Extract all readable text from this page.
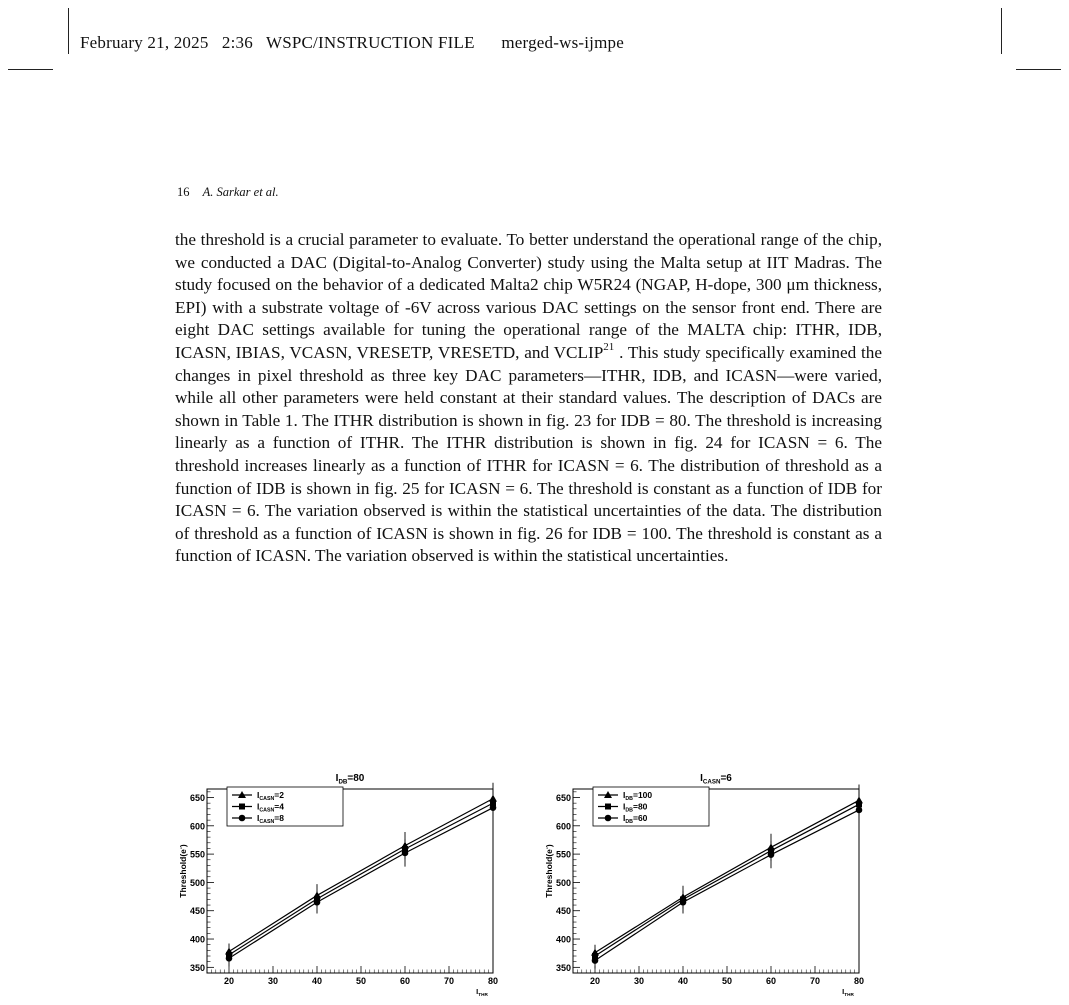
February 21, 2025 2:36 WSPC/INSTRUCTION FILE merged-ws-ijmpe
16 A. Sarkar et al.

the threshold is a crucial parameter to evaluate. To better understand the operational range of the chip, we conducted a DAC (Digital-to-Analog Converter) study using the Malta setup at IIT Madras. The study focused on the behavior of a dedicated Malta2 chip W5R24 (NGAP, H-dope, 300 μm thickness, EPI) with a substrate voltage of -6V across various DAC settings on the sensor front end. There are eight DAC settings available for tuning the operational range of the MALTA chip: ITHR, IDB, ICASN, IBIAS, VCASN, VRESETP, VRESETD, and VCLIP$^{21}$ . This study specifically examined the changes in pixel threshold as three key DAC parameters—ITHR, IDB, and ICASN—were varied, while all other parameters were held constant at their standard values. The description of DACs are shown in Table 1. The ITHR distribution is shown in fig. 23 for IDB = 80. The threshold is increasing linearly as a function of ITHR. The ITHR distribution is shown in fig. 24 for ICASN = 6. The threshold increases linearly as a function of ITHR for ICASN = 6. The distribution of threshold as a function of IDB is shown in fig. 25 for ICASN = 6. The threshold is constant as a function of IDB for ICASN = 6. The variation observed is within the statistical uncertainties of the data. The distribution of threshold as a function of ICASN is shown in fig. 26 for IDB = 100. The threshold is constant as a function of ICASN. The variation observed is within the statistical uncertainties.

$I_{DB}=80$
350
400
450
500
550
600
650
Threshold(e-)
20	30	40	50	60	70	80
$I_{THR}$
$I_{CASN}=2$
$I_{CASN}=4$
$I_{CASN}=8$
$I_{CASN}=6$
350
400
450
500
550
600
650
Threshold(e-)
20	30	40	50	60	70	80
$I_{THR}$
$I_{DB}=100$
$I_{DB}=80$
$I_{DB}=60$
